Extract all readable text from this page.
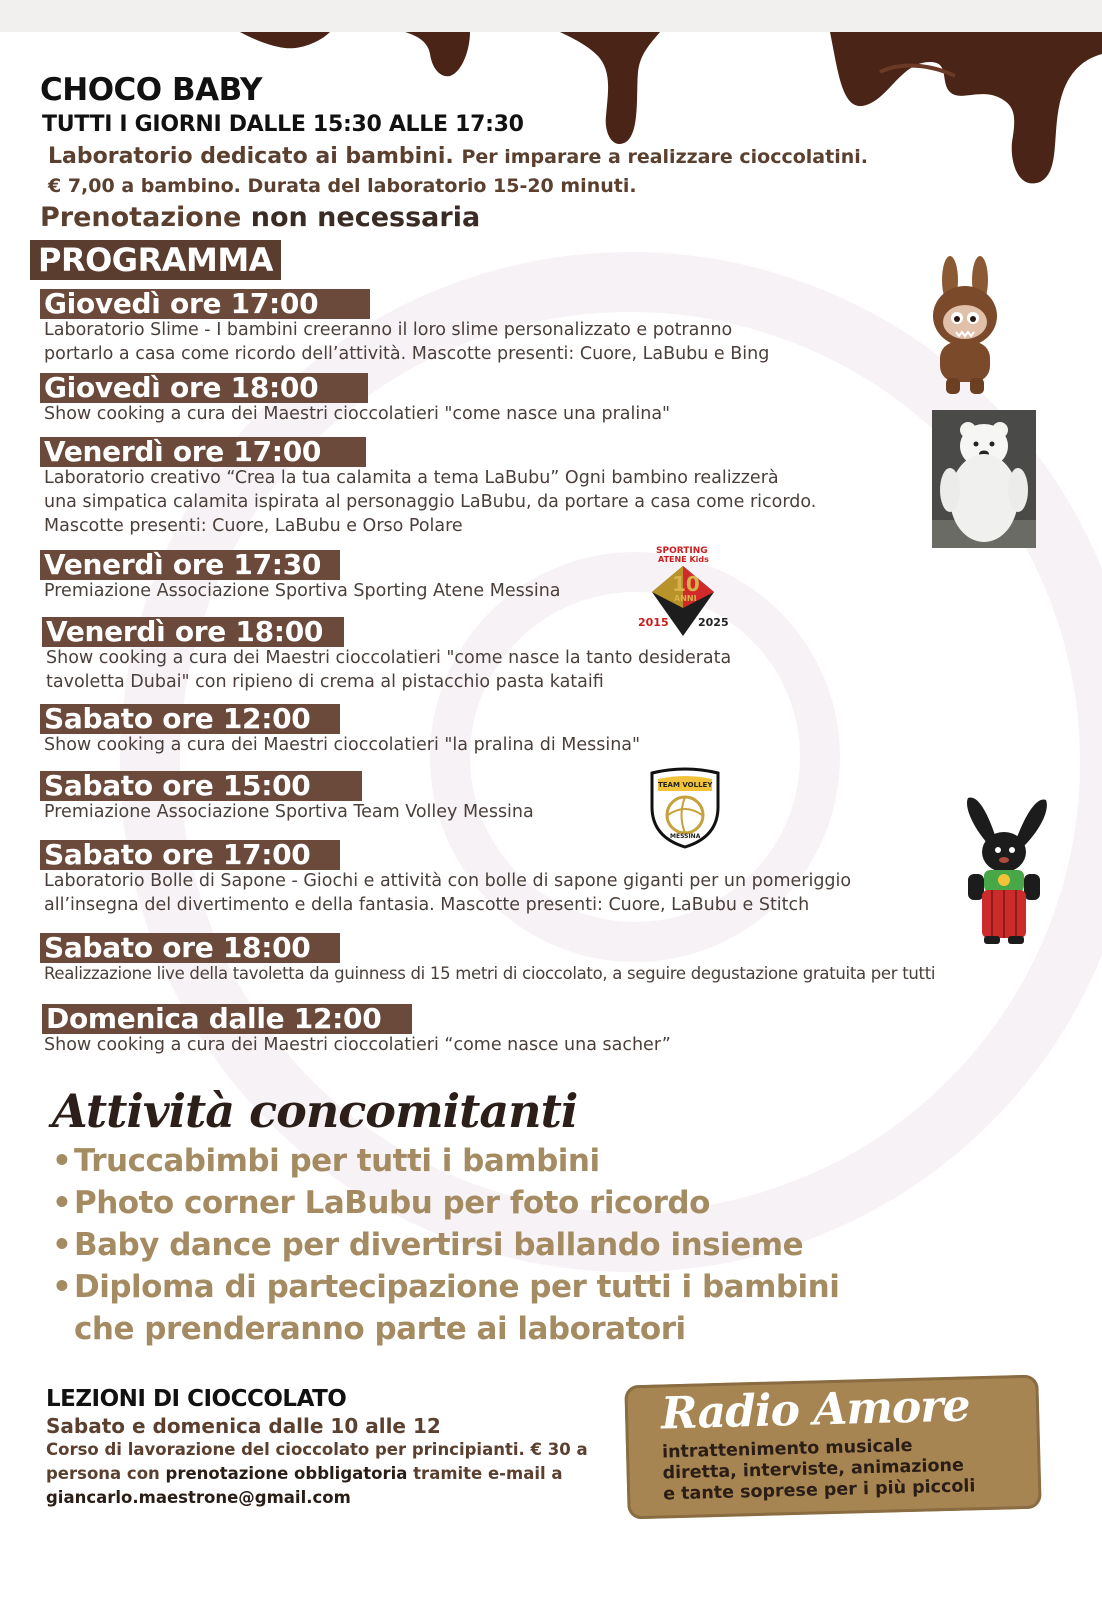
CHOCO BABY
TUTTI I GIORNI DALLE 15:30 ALLE 17:30
Laboratorio dedicato ai bambini. Per imparare a realizzare cioccolatini.
€ 7,00 a bambino. Durata del laboratorio 15-20 minuti.
Prenotazione non necessaria
PROGRAMMA
Giovedì ore 17:00
Laboratorio Slime - I bambini creeranno il loro slime personalizzato e potranno
portarlo a casa come ricordo dell’attività. Mascotte presenti: Cuore, LaBubu e Bing
Giovedì ore 18:00
Show cooking a cura dei Maestri cioccolatieri "come nasce una pralina"
Venerdì ore 17:00
Laboratorio creativo “Crea la tua calamita a tema LaBubu” Ogni bambino realizzerà
una simpatica calamita ispirata al personaggio LaBubu, da portare a casa come ricordo.
Mascotte presenti: Cuore, LaBubu e Orso Polare
Venerdì ore 17:30
Premiazione Associazione Sportiva Sporting Atene Messina
Venerdì ore 18:00
Show cooking a cura dei Maestri cioccolatieri "come nasce la tanto desiderata
tavoletta Dubai" con ripieno di crema al pistacchio pasta kataifi
Sabato ore 12:00
Show cooking a cura dei Maestri cioccolatieri "la pralina di Messina"
Sabato ore 15:00
Premiazione Associazione Sportiva Team Volley Messina
Sabato ore 17:00
Laboratorio Bolle di Sapone - Giochi e attività con bolle di sapone giganti per un pomeriggio
all’insegna del divertimento e della fantasia. Mascotte presenti: Cuore, LaBubu e Stitch
Sabato ore 18:00
Realizzazione live della tavoletta da guinness di 15 metri di cioccolato, a seguire degustazione gratuita per tutti
Domenica dalle 12:00
Show cooking a cura dei Maestri cioccolatieri “come nasce una sacher”
SPORTING
ATENE Kids
10
ANNI
2015	2025
TEAM VOLLEY
MESSINA
Attività concomitanti
• Truccabimbi per tutti i bambini
• Photo corner LaBubu per foto ricordo
• Baby dance per divertirsi ballando insieme
• Diploma di partecipazione per tutti i bambini
che prenderanno parte ai laboratori
LEZIONI DI CIOCCOLATO
Sabato e domenica dalle 10 alle 12
Corso di lavorazione del cioccolato per principianti. € 30 a persona con prenotazione obbligatoria tramite e-mail a
giancarlo.maestrone@gmail.com
Radio Amore
intrattenimento musicale
diretta, interviste, animazione
e tante sopresе per i più piccoli
